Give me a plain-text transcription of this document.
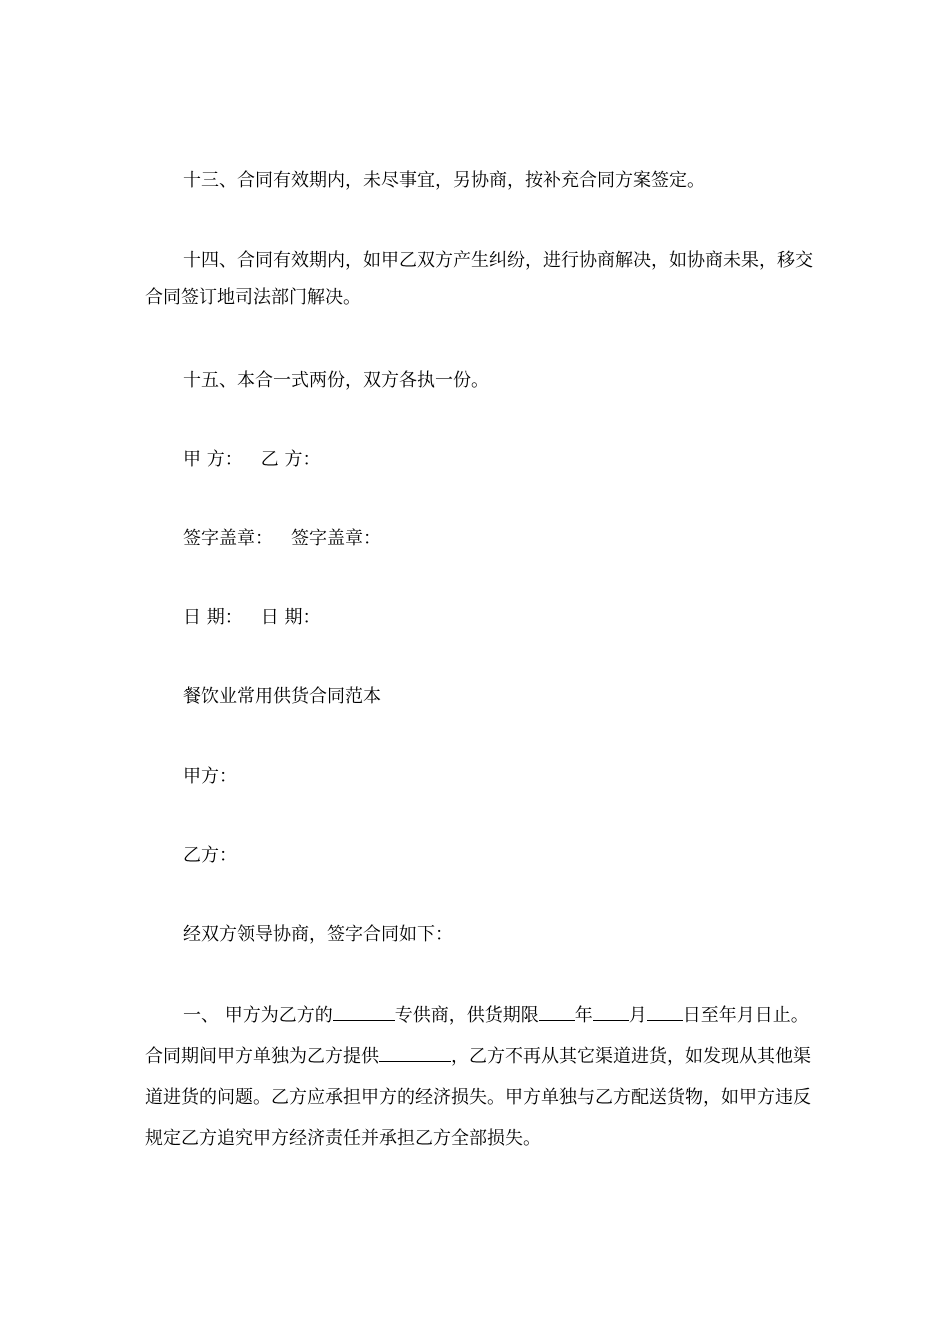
十三、合同有效期内，未尽事宜，另协商，按补充合同方案签定。

十四、合同有效期内，如甲乙双方产生纠纷，进行协商解决，如协商未果，移交合同签订地司法部门解决。

十五、本合一式两份，双方各执一份。

甲 方： 乙 方：

签字盖章： 签字盖章：

日 期： 日 期：

餐饮业常用供货合同范本

甲方：

乙方：

经双方领导协商，签字合同如下：

一、 甲方为乙方的	专供商，供货期限 年 月 日至年月日止。合同期间甲方单独为乙方提供	，乙方不再从其它渠道进货，如发现从其他渠道进货的问题。乙方应承担甲方的经济损失。甲方单独与乙方配送货物，如甲方违反规定乙方追究甲方经济责任并承担乙方全部损失。
